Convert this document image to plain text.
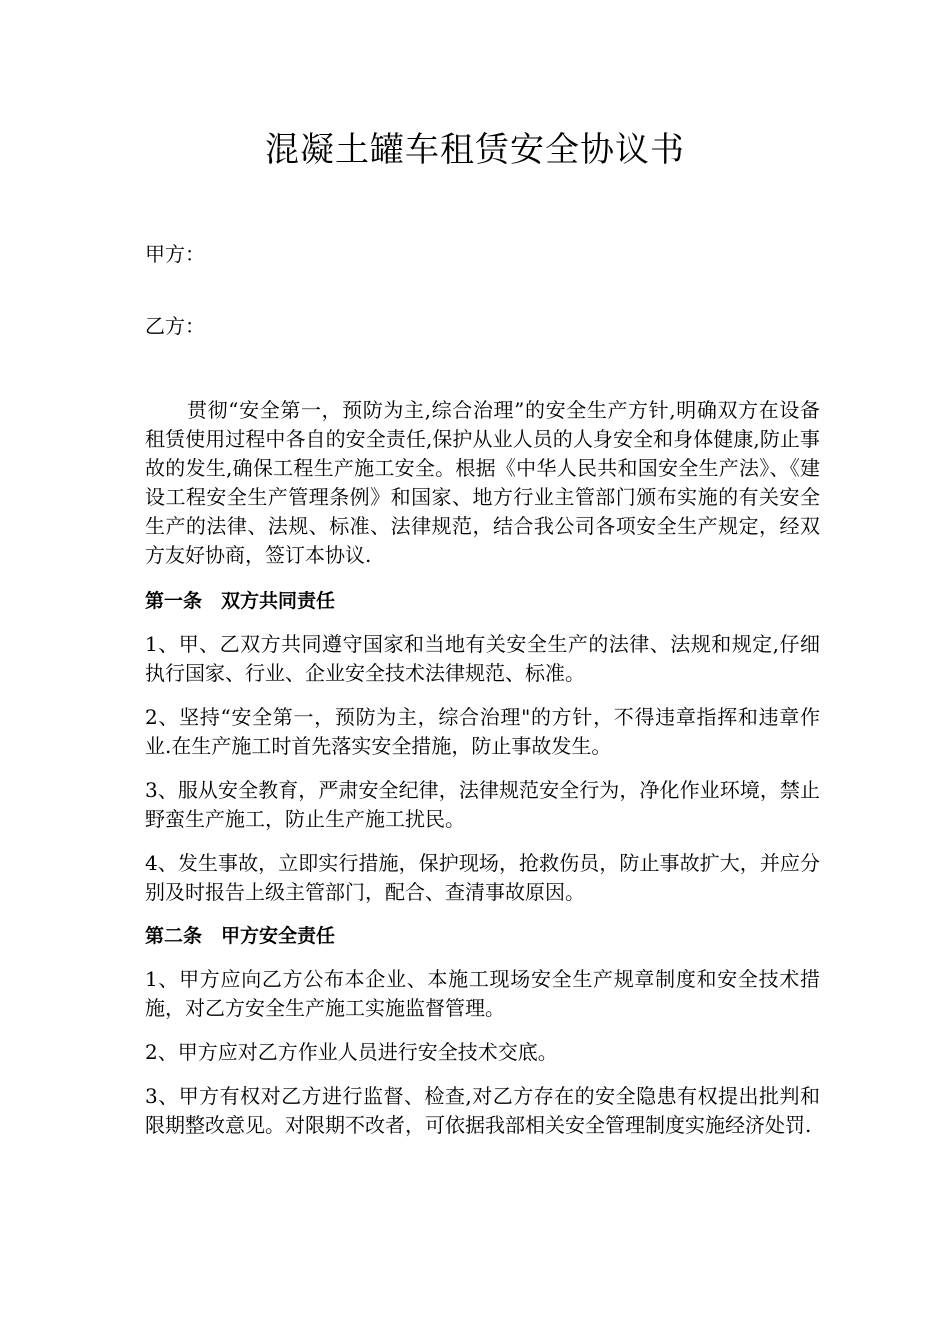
混凝土罐车租赁安全协议书

甲方：

乙方：

贯彻“安全第一，预防为主,综合治理”的安全生产方针,明确双方在设备租赁使用过程中各自的安全责任,保护从业人员的人身安全和身体健康,防止事故的发生,确保工程生产施工安全。根据《中华人民共和国安全生产法》、《建设工程安全生产管理条例》和国家、地方行业主管部门颁布实施的有关安全生产的法律、法规、标准、法律规范，结合我公司各项安全生产规定，经双方友好协商，签订本协议.

第一条　双方共同责任

1、甲、乙双方共同遵守国家和当地有关安全生产的法律、法规和规定,仔细执行国家、行业、企业安全技术法律规范、标准。

2、坚持“安全第一，预防为主，综合治理"的方针，不得违章指挥和违章作业.在生产施工时首先落实安全措施，防止事故发生。

3、服从安全教育，严肃安全纪律，法律规范安全行为，净化作业环境，禁止野蛮生产施工，防止生产施工扰民。

4、发生事故，立即实行措施，保护现场，抢救伤员，防止事故扩大，并应分别及时报告上级主管部门，配合、查清事故原因。

第二条　甲方安全责任

1、甲方应向乙方公布本企业、本施工现场安全生产规章制度和安全技术措施，对乙方安全生产施工实施监督管理。

2、甲方应对乙方作业人员进行安全技术交底。

3、甲方有权对乙方进行监督、检查,对乙方存在的安全隐患有权提出批判和限期整改意见。对限期不改者，可依据我部相关安全管理制度实施经济处罚.
